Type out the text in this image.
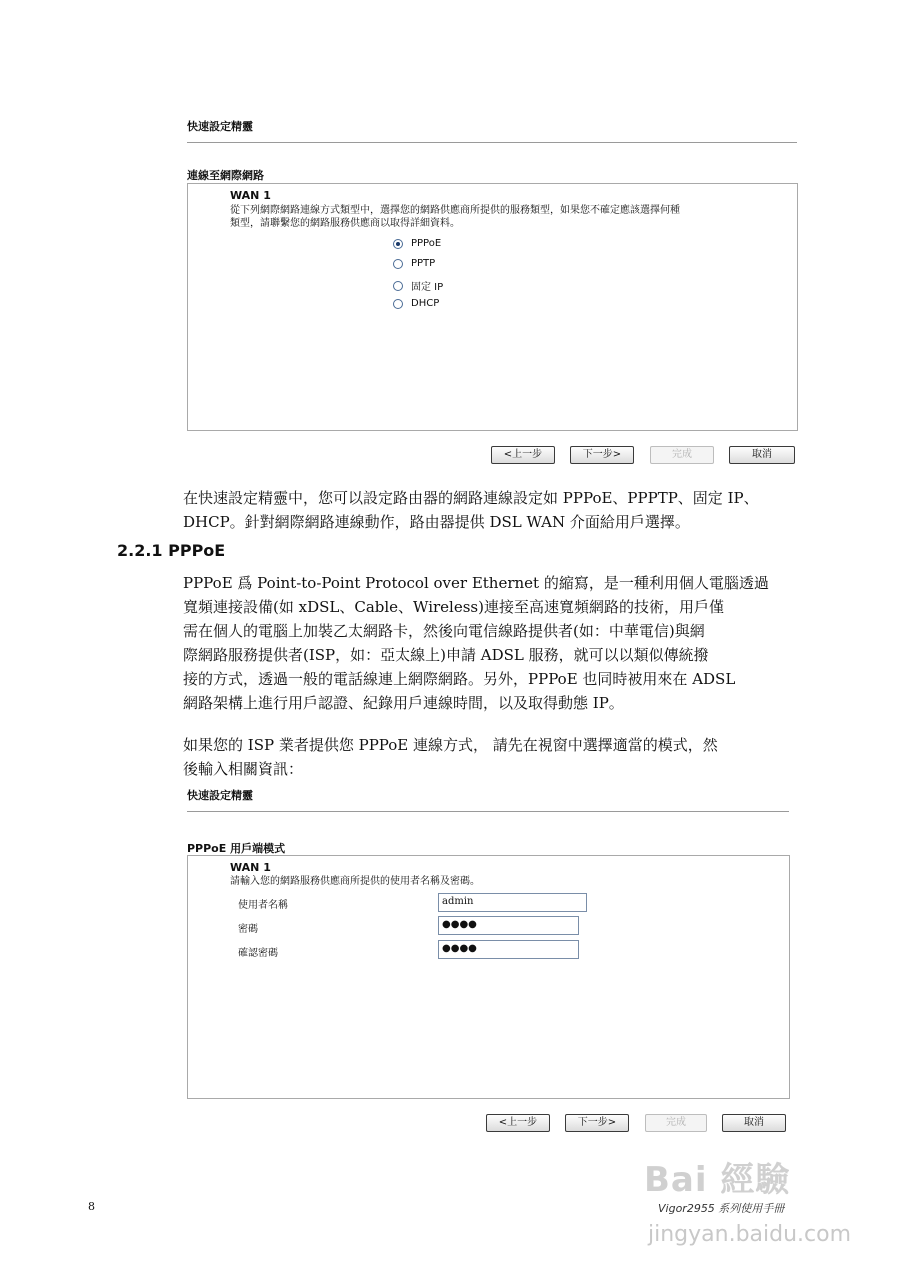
快速設定精靈
連線至網際網路
WAN 1
從下列網際網路連線方式類型中，選擇您的網路供應商所提供的服務類型，如果您不確定應該選擇何種
類型，請聯繫您的網路服務供應商以取得詳細資料。
PPPoE
PPTP
固定 IP
DHCP
<上一步	下一步>	完成	取消
在快速設定精靈中，您可以設定路由器的網路連線設定如 PPPoE、PPPTP、固定 IP、
DHCP。針對網際網路連線動作，路由器提供 DSL WAN 介面給用戶選擇。
2.2.1 PPPoE
PPPoE 爲 Point-to-Point Protocol over Ethernet 的縮寫，是一種利用個人電腦透過
寬頻連接設備(如 xDSL、Cable、Wireless)連接至高速寬頻網路的技術，用戶僅
需在個人的電腦上加裝乙太網路卡，然後向電信線路提供者(如：中華電信)與網
際網路服務提供者(ISP，如：亞太線上)申請 ADSL 服務，就可以以類似傳統撥
接的方式，透過一般的電話線連上網際網路。另外，PPPoE 也同時被用來在 ADSL
網路架構上進行用戶認證、紀錄用戶連線時間，以及取得動態 IP。
如果您的 ISP 業者提供您 PPPoE 連線方式， 請先在視窗中選擇適當的模式，然
後輸入相關資訊：
快速設定精靈
PPPoE 用戶端模式
WAN 1
請輸入您的網路服務供應商所提供的使用者名稱及密碼。
使用者名稱	admin
密碼	●●●●
確認密碼	●●●●
<上一步	下一步>	完成	取消
8	Vigor2955 系列使用手冊
Bai 經驗
jingyan.baidu.com
